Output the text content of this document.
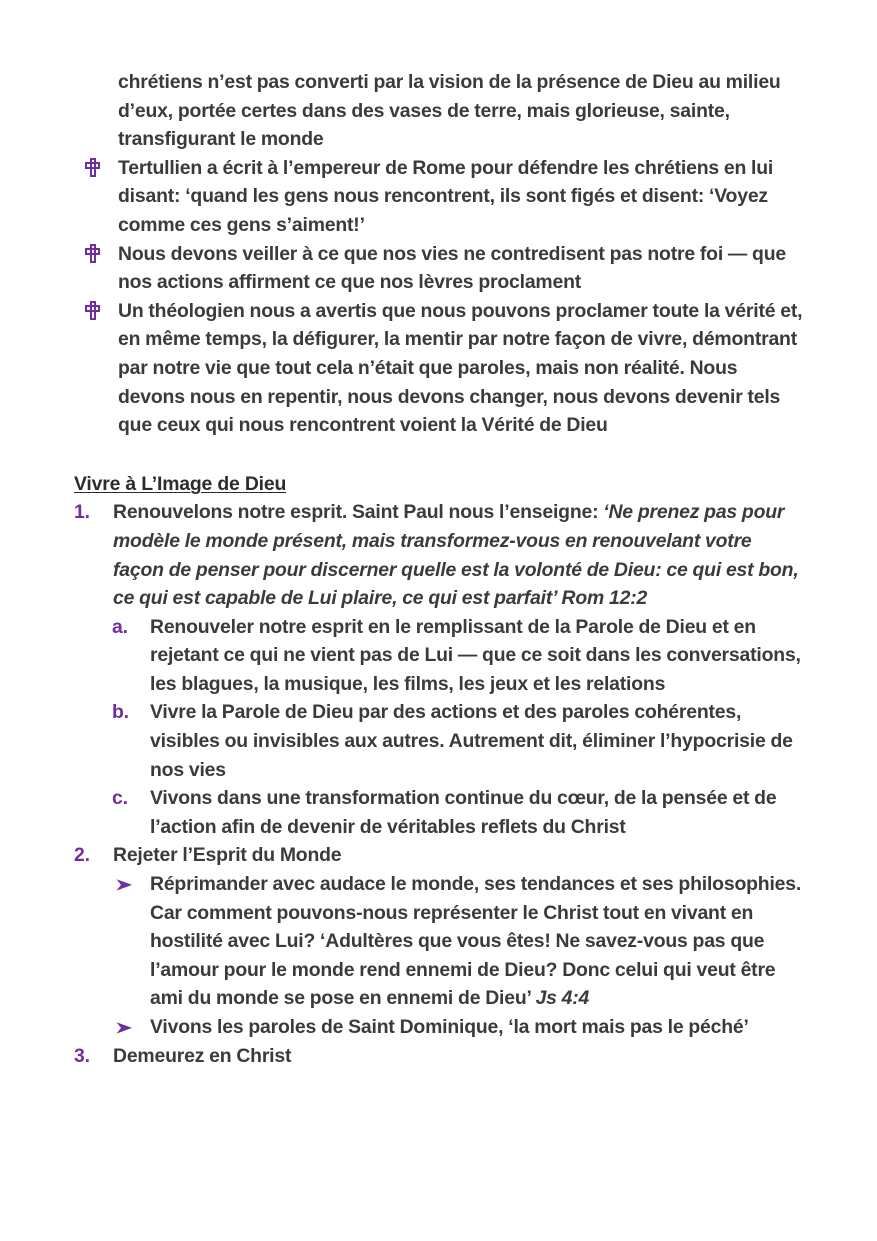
chrétiens n’est pas converti par la vision de la présence de Dieu au milieu d’eux, portée certes dans des vases de terre, mais glorieuse, sainte, transfigurant le monde

Tertullien a écrit à l’empereur de Rome pour défendre les chrétiens en lui disant: ‘quand les gens nous rencontrent, ils sont figés et disent: ‘Voyez comme ces gens s’aiment!’

Nous devons veiller à ce que nos vies ne contredisent pas notre foi — que nos actions affirment ce que nos lèvres proclament

Un théologien nous a avertis que nous pouvons proclamer toute la vérité et, en même temps, la défigurer, la mentir par notre façon de vivre, démontrant par notre vie que tout cela n’était que paroles, mais non réalité. Nous devons nous en repentir, nous devons changer, nous devons devenir tels que ceux qui nous rencontrent voient la Vérité de Dieu

Vivre à L’Image de Dieu

1.	Renouvelons notre esprit. Saint Paul nous l’enseigne: ‘Ne prenez pas pour modèle le monde présent, mais transformez-vous en renouvelant votre façon de penser pour discerner quelle est la volonté de Dieu: ce qui est bon, ce qui est capable de Lui plaire, ce qui est parfait’ Rom 12:2

a.	Renouveler notre esprit en le remplissant de la Parole de Dieu et en rejetant ce qui ne vient pas de Lui — que ce soit dans les conversations, les blagues, la musique, les films, les jeux et les relations

b.	Vivre la Parole de Dieu par des actions et des paroles cohérentes, visibles ou invisibles aux autres. Autrement dit, éliminer l’hypocrisie de nos vies

c.	Vivons dans une transformation continue du cœur, de la pensée et de l’action afin de devenir de véritables reflets du Christ

2.	Rejeter l’Esprit du Monde

Réprimander avec audace le monde, ses tendances et ses philosophies. Car comment pouvons-nous représenter le Christ tout en vivant en hostilité avec Lui? ‘Adultères que vous êtes! Ne savez-vous pas que l’amour pour le monde rend ennemi de Dieu? Donc celui qui veut être ami du monde se pose en ennemi de Dieu’ Js 4:4

Vivons les paroles de Saint Dominique, ‘la mort mais pas le péché’

3.	Demeurez en Christ
